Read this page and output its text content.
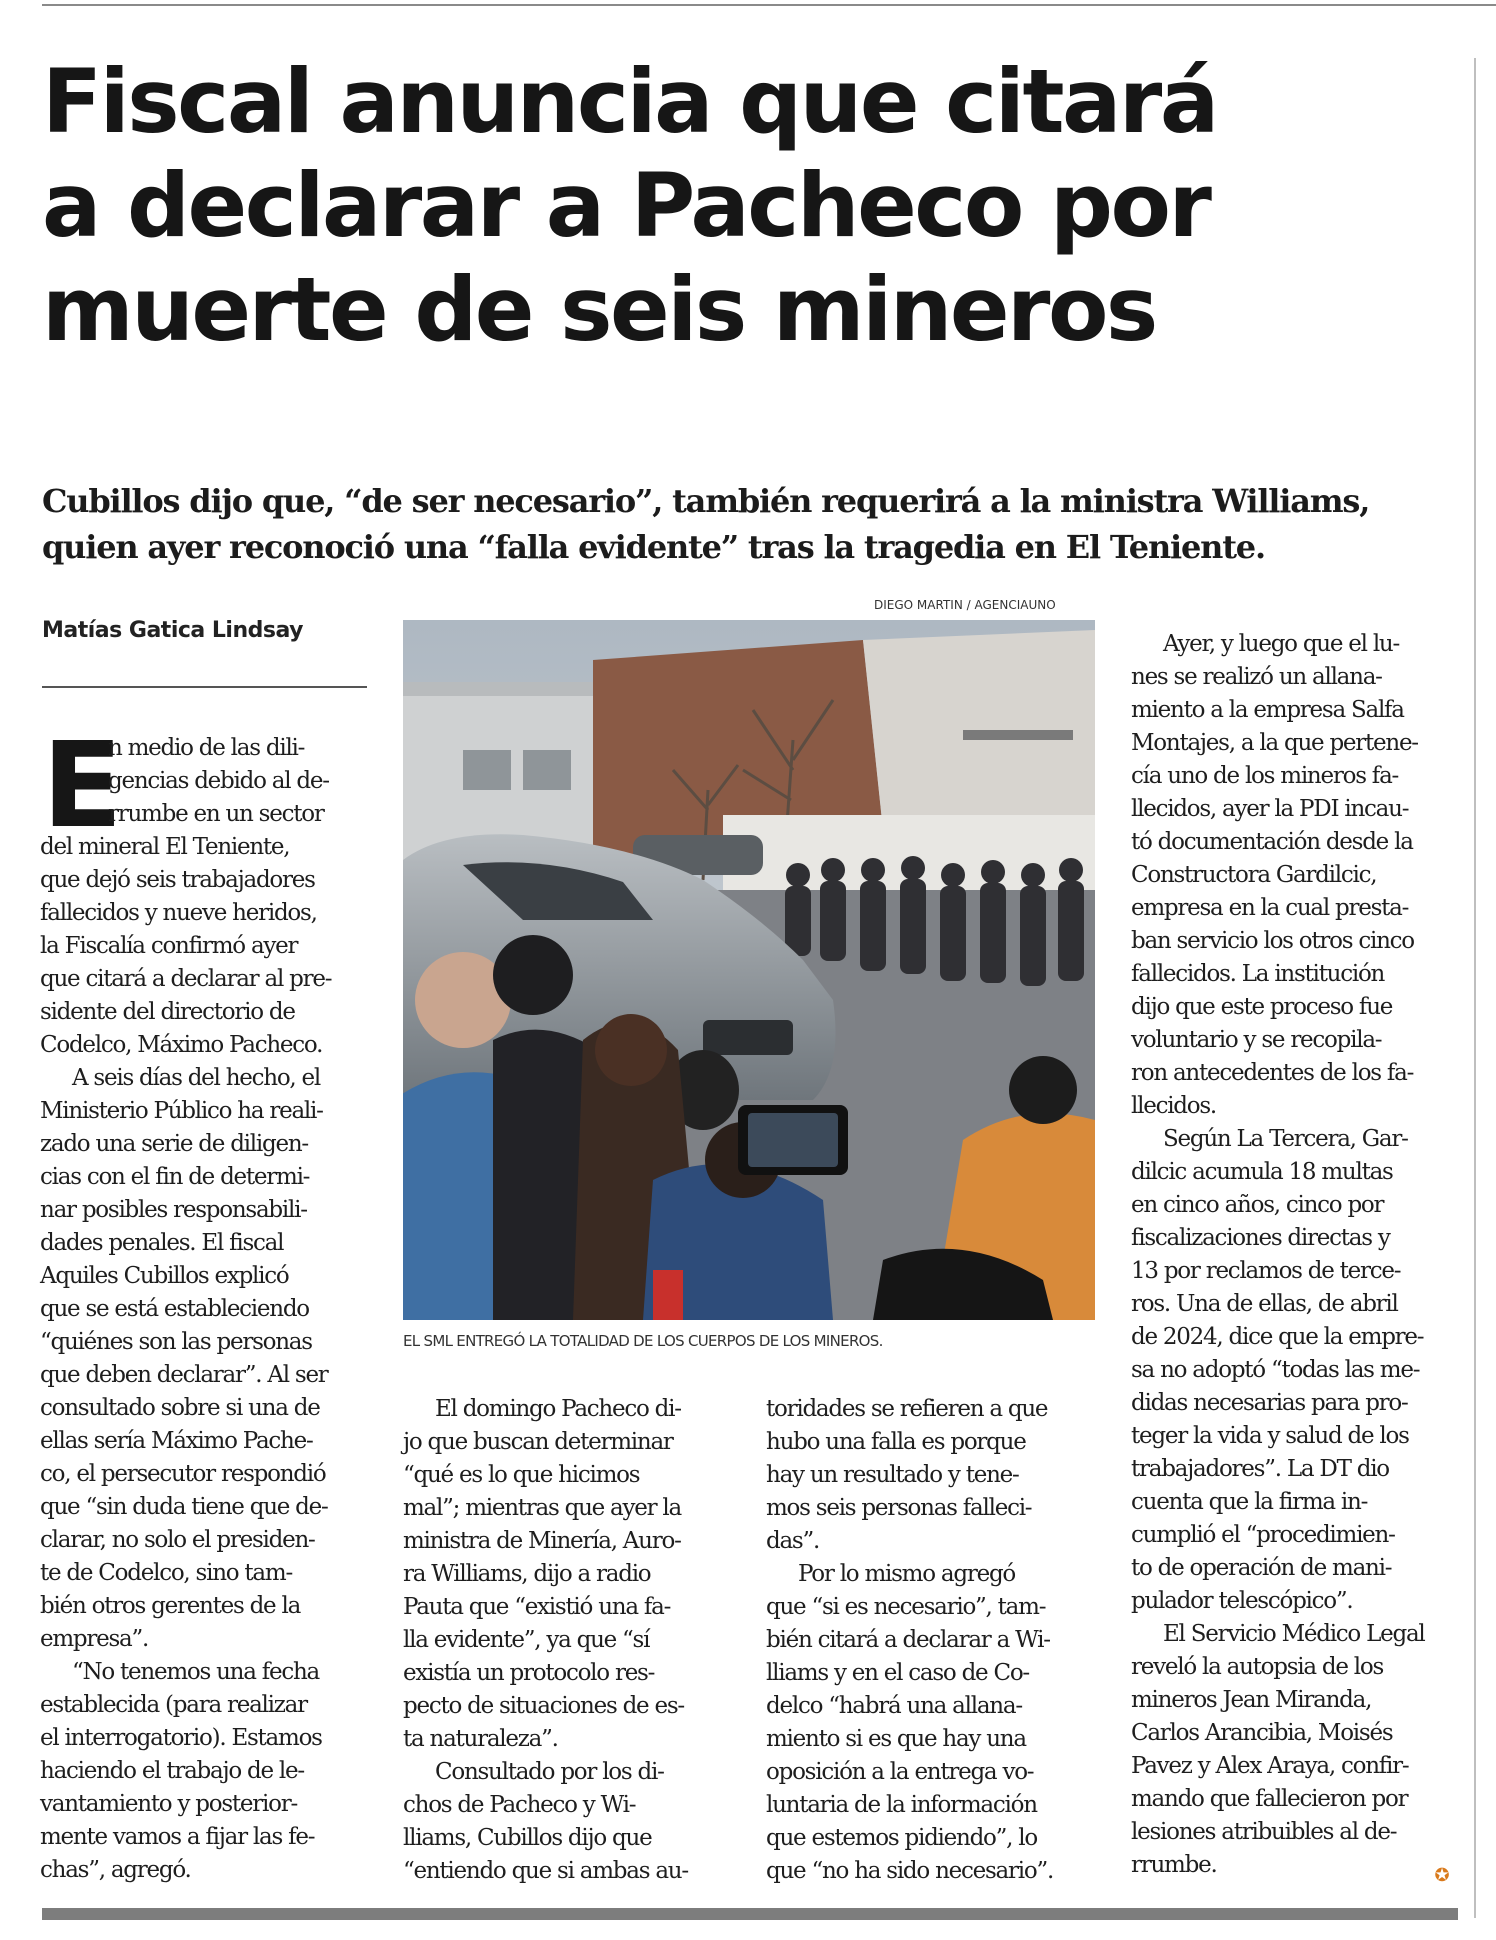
Fiscal anuncia que citará
a declarar a Pacheco por
muerte de seis mineros
Cubillos dijo que, “de ser necesario”, también requerirá a la ministra Williams,
quien ayer reconoció una “falla evidente” tras la tragedia en El Teniente.
Matías Gatica Lindsay
DIEGO MARTIN / AGENCIAUNO
EL SML ENTREGÓ LA TOTALIDAD DE LOS CUERPOS DE LOS MINEROS.
E
n medio de las dili-
gencias debido al de-
rrumbe en un sector
del mineral El Teniente,
que dejó seis trabajadores
fallecidos y nueve heridos,
la Fiscalía confirmó ayer
que citará a declarar al pre-
sidente del directorio de
Codelco, Máximo Pacheco.
A seis días del hecho, el
Ministerio Público ha reali-
zado una serie de diligen-
cias con el fin de determi-
nar posibles responsabili-
dades penales. El fiscal
Aquiles Cubillos explicó
que se está estableciendo
“quiénes son las personas
que deben declarar”. Al ser
consultado sobre si una de
ellas sería Máximo Pache-
co, el persecutor respondió
que “sin duda tiene que de-
clarar, no solo el presiden-
te de Codelco, sino tam-
bién otros gerentes de la
empresa”.
“No tenemos una fecha
establecida (para realizar
el interrogatorio). Estamos
haciendo el trabajo de le-
vantamiento y posterior-
mente vamos a fijar las fe-
chas”, agregó.
El domingo Pacheco di-
jo que buscan determinar
“qué es lo que hicimos
mal”; mientras que ayer la
ministra de Minería, Auro-
ra Williams, dijo a radio
Pauta que “existió una fa-
lla evidente”, ya que “sí
existía un protocolo res-
pecto de situaciones de es-
ta naturaleza”.
Consultado por los di-
chos de Pacheco y Wi-
lliams, Cubillos dijo que
“entiendo que si ambas au-
toridades se refieren a que
hubo una falla es porque
hay un resultado y tene-
mos seis personas falleci-
das”.
Por lo mismo agregó
que “si es necesario”, tam-
bién citará a declarar a Wi-
lliams y en el caso de Co-
delco “habrá una allana-
miento si es que hay una
oposición a la entrega vo-
luntaria de la información
que estemos pidiendo”, lo
que “no ha sido necesario”.
Ayer, y luego que el lu-
nes se realizó un allana-
miento a la empresa Salfa
Montajes, a la que pertene-
cía uno de los mineros fa-
llecidos, ayer la PDI incau-
tó documentación desde la
Constructora Gardilcic,
empresa en la cual presta-
ban servicio los otros cinco
fallecidos. La institución
dijo que este proceso fue
voluntario y se recopila-
ron antecedentes de los fa-
llecidos.
Según La Tercera, Gar-
dilcic acumula 18 multas
en cinco años, cinco por
fiscalizaciones directas y
13 por reclamos de terce-
ros. Una de ellas, de abril
de 2024, dice que la empre-
sa no adoptó “todas las me-
didas necesarias para pro-
teger la vida y salud de los
trabajadores”. La DT dio
cuenta que la firma in-
cumplió el “procedimien-
to de operación de mani-
pulador telescópico”.
El Servicio Médico Legal
reveló la autopsia de los
mineros Jean Miranda,
Carlos Arancibia, Moisés
Pavez y Alex Araya, confir-
mando que fallecieron por
lesiones atribuibles al de-
rrumbe.	✪
